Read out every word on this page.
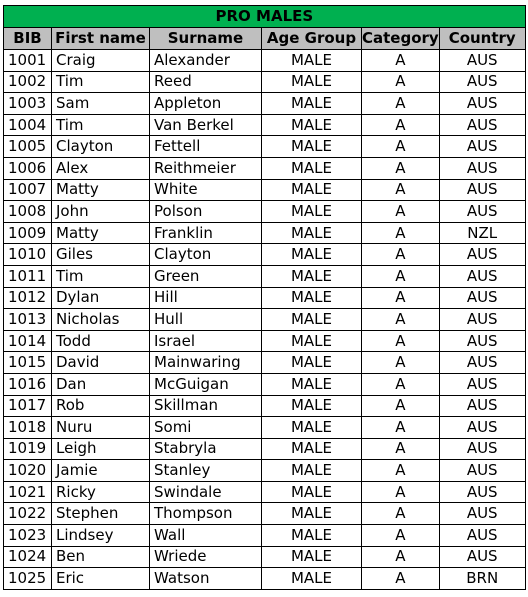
PRO MALES					
BIB	First name	Surname	Age Group	Category	Country
1001	Craig	Alexander	MALE	A	AUS
1002	Tim	Reed	MALE	A	AUS
1003	Sam	Appleton	MALE	A	AUS
1004	Tim	Van Berkel	MALE	A	AUS
1005	Clayton	Fettell	MALE	A	AUS
1006	Alex	Reithmeier	MALE	A	AUS
1007	Matty	White	MALE	A	AUS
1008	John	Polson	MALE	A	AUS
1009	Matty	Franklin	MALE	A	NZL
1010	Giles	Clayton	MALE	A	AUS
1011	Tim	Green	MALE	A	AUS
1012	Dylan	Hill	MALE	A	AUS
1013	Nicholas	Hull	MALE	A	AUS
1014	Todd	Israel	MALE	A	AUS
1015	David	Mainwaring	MALE	A	AUS
1016	Dan	McGuigan	MALE	A	AUS
1017	Rob	Skillman	MALE	A	AUS
1018	Nuru	Somi	MALE	A	AUS
1019	Leigh	Stabryla	MALE	A	AUS
1020	Jamie	Stanley	MALE	A	AUS
1021	Ricky	Swindale	MALE	A	AUS
1022	Stephen	Thompson	MALE	A	AUS
1023	Lindsey	Wall	MALE	A	AUS
1024	Ben	Wriede	MALE	A	AUS
1025	Eric	Watson	MALE	A	BRN
